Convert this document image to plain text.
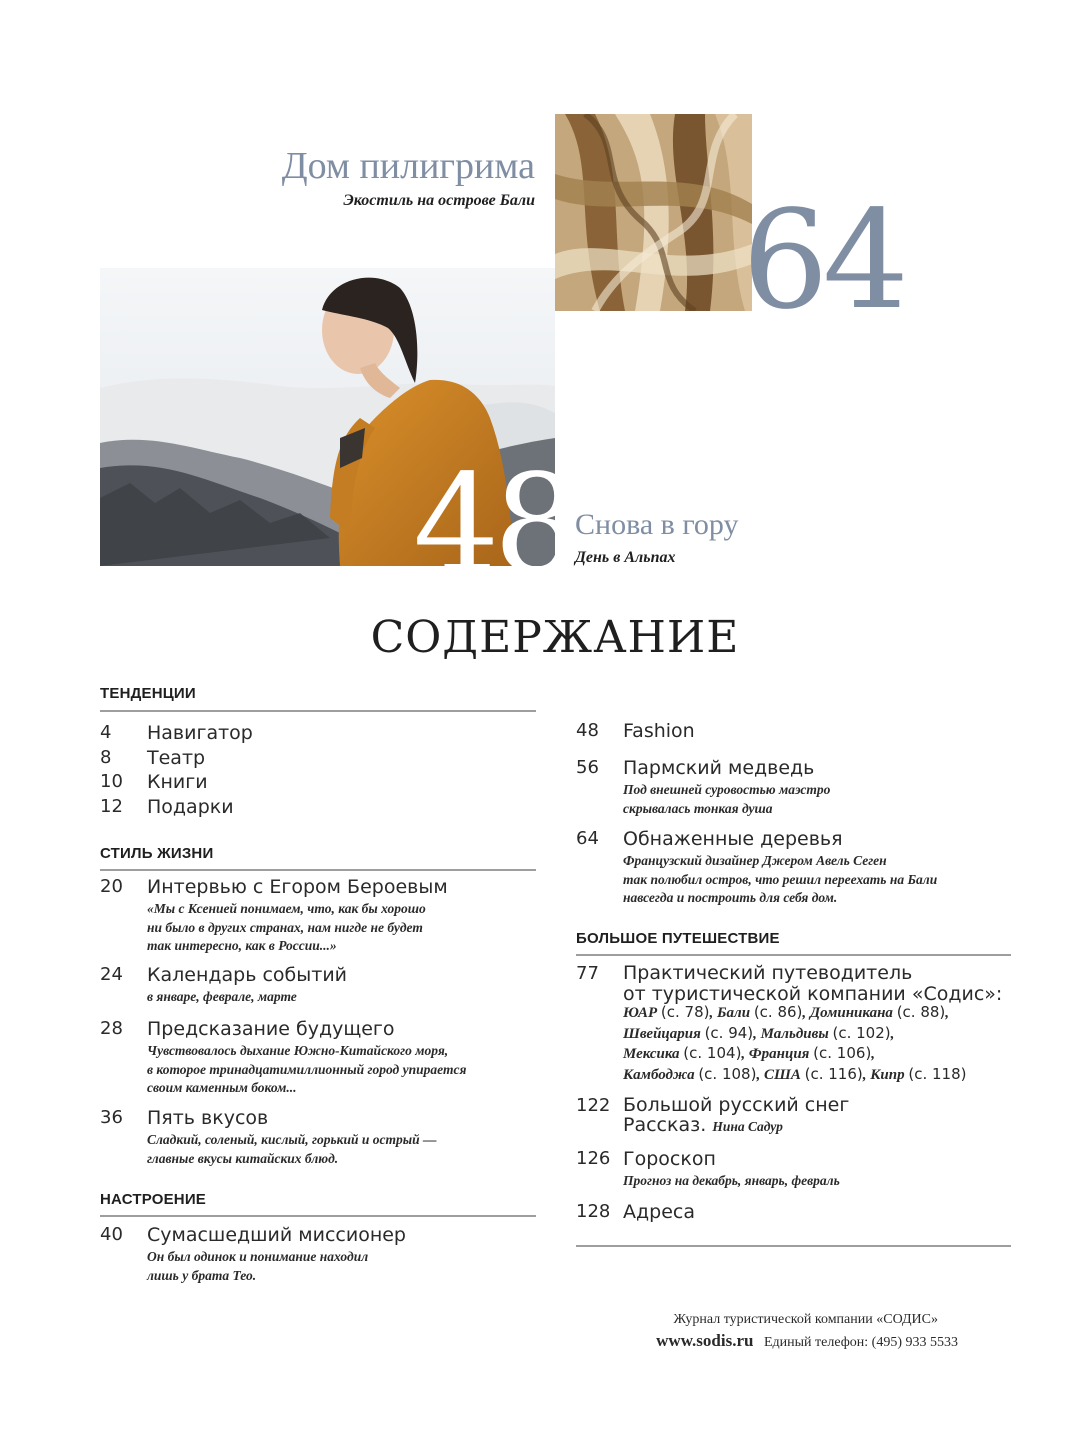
Дом пилигрима
Экостиль на острове Бали 64
48 Снова в гору
День в Альпах
СОДЕРЖАНИЕ
ТЕНДЕНЦИИ
4 Навигатор
8 Театр
10 Книги
12 Подарки
СТИЛЬ ЖИЗНИ
20 Интервью с Егором Бероевым
«Мы с Ксенией понимаем, что, как бы хорошо
ни было в других странах, нам нигде не будет
так интересно, как в России...»
24 Календарь событий
в январе, феврале, марте
28 Предсказание будущего
Чувствовалось дыхание Южно-Китайского моря,
в которое тринадцатимиллионный город упирается
своим каменным боком...
36 Пять вкусов
Сладкий, соленый, кислый, горький и острый —
главные вкусы китайских блюд.
НАСТРОЕНИЕ
40 Сумасшедший миссионер
Он был одинок и понимание находил
лишь у брата Тео.
48 Fashion
56 Пармский медведь
Под внешней суровостью маэстро
скрывалась тонкая душа
64 Обнаженные деревья
Французский дизайнер Джером Авель Сеген
так полюбил остров, что решил переехать на Бали
навсегда и построить для себя дом.
БОЛЬШОЕ ПУТЕШЕСТВИЕ
77 Практический путеводитель
от туристической компании «Содис»:
ЮАР (с. 78), Бали (с. 86), Доминикана (с. 88),
Швейцария (с. 94), Мальдивы (с. 102),
Мексика (с. 104), Франция (с. 106),
Камбоджа (с. 108), США (с. 116), Кипр (с. 118)
122 Большой русский снег
Рассказ. Нина Садур
126 Гороскоп
Прогноз на декабрь, январь, февраль
128 Адреса
Журнал туристической компании «СОДИС»
www.sodis.ru Единый телефон: (495) 933 5533
